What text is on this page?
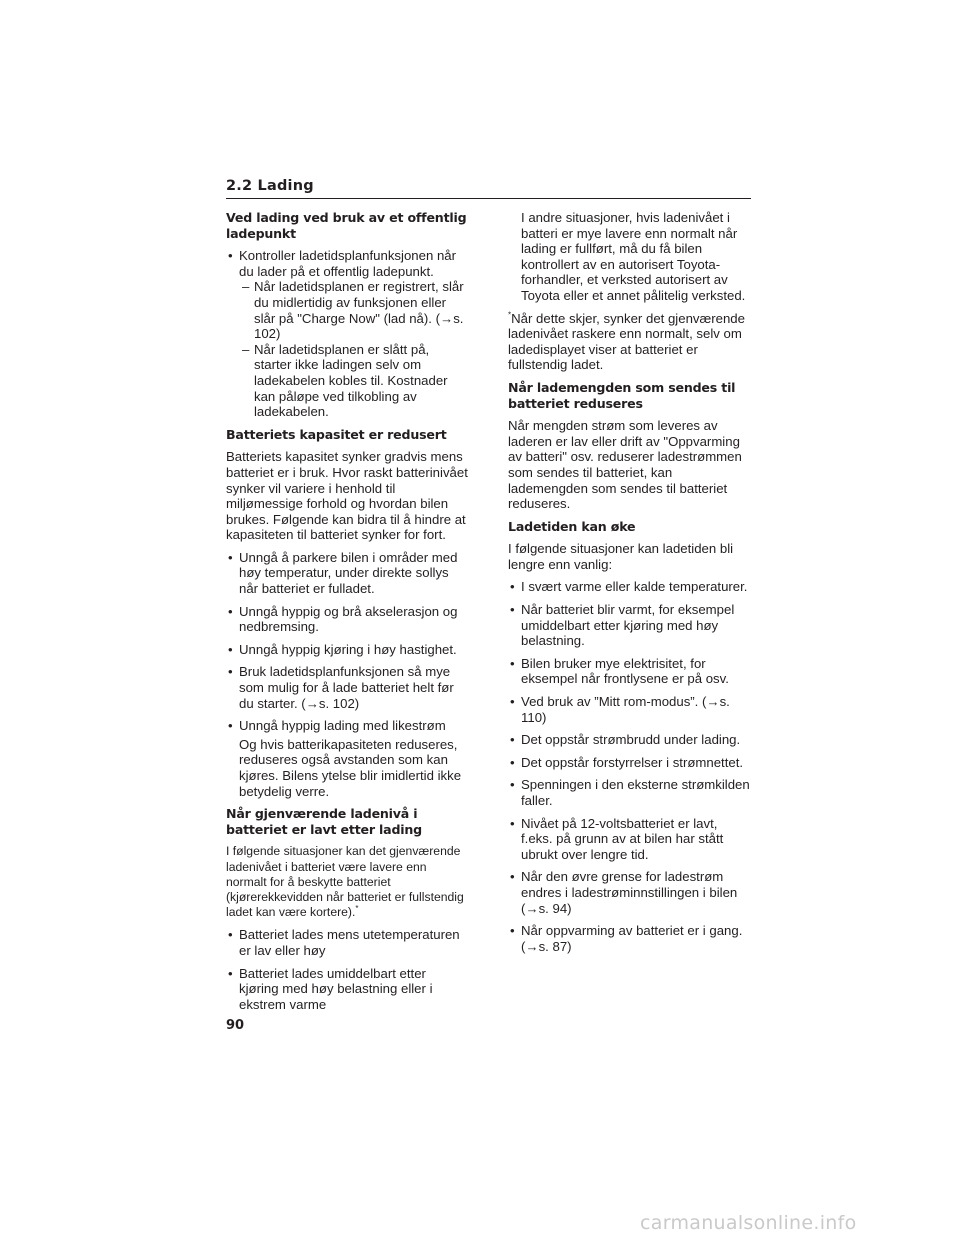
2.2 Lading
Ved lading ved bruk av et offentlig ladepunkt
• Kontroller ladetidsplanfunksjonen når du lader på et offentlig ladepunkt.
– Når ladetidsplanen er registrert, slår du midlertidig av funksjonen eller slår på "Charge Now" (lad nå). (→s. 102)
– Når ladetidsplanen er slått på, starter ikke ladingen selv om ladekabelen kobles til. Kostnader kan påløpe ved tilkobling av ladekabelen.
Batteriets kapasitet er redusert
Batteriets kapasitet synker gradvis mens batteriet er i bruk. Hvor raskt batterinivået synker vil variere i henhold til miljømessige forhold og hvordan bilen brukes. Følgende kan bidra til å hindre at kapasiteten til batteriet synker for fort.
• Unngå å parkere bilen i områder med høy temperatur, under direkte sollys når batteriet er fulladet.
• Unngå hyppig og brå akselerasjon og nedbremsing.
• Unngå hyppig kjøring i høy hastighet.
• Bruk ladetidsplanfunksjonen så mye som mulig for å lade batteriet helt før du starter. (→s. 102)
• Unngå hyppig lading med likestrøm
Og hvis batterikapasiteten reduseres, reduseres også avstanden som kan kjøres. Bilens ytelse blir imidlertid ikke betydelig verre.
Når gjenværende ladenivå i batteriet er lavt etter lading
I følgende situasjoner kan det gjenværende ladenivået i batteriet være lavere enn normalt for å beskytte batteriet (kjørerekkevidden når batteriet er fullstendig ladet kan være kortere).*
• Batteriet lades mens utetemperaturen er lav eller høy
• Batteriet lades umiddelbart etter kjøring med høy belastning eller i ekstrem varme
I andre situasjoner, hvis ladenivået i batteri er mye lavere enn normalt når lading er fullført, må du få bilen kontrollert av en autorisert Toyota-forhandler, et verksted autorisert av Toyota eller et annet pålitelig verksted.
*Når dette skjer, synker det gjenværende ladenivået raskere enn normalt, selv om ladedisplayet viser at batteriet er fullstendig ladet.
Når lademengden som sendes til batteriet reduseres
Når mengden strøm som leveres av laderen er lav eller drift av "Oppvarming av batteri" osv. reduserer ladestrømmen som sendes til batteriet, kan lademengden som sendes til batteriet reduseres.
Ladetiden kan øke
I følgende situasjoner kan ladetiden bli lengre enn vanlig:
• I svært varme eller kalde temperaturer.
• Når batteriet blir varmt, for eksempel umiddelbart etter kjøring med høy belastning.
• Bilen bruker mye elektrisitet, for eksempel når frontlysene er på osv.
• Ved bruk av ”Mitt rom-modus”. (→s. 110)
• Det oppstår strømbrudd under lading.
• Det oppstår forstyrrelser i strømnettet.
• Spenningen i den eksterne strømkilden faller.
• Nivået på 12-voltsbatteriet er lavt, f.eks. på grunn av at bilen har stått ubrukt over lengre tid.
• Når den øvre grense for ladestrøm endres i ladestrøminnstillingen i bilen (→s. 94)
• Når oppvarming av batteriet er i gang. (→s. 87)
90
carmanualsonline.info
